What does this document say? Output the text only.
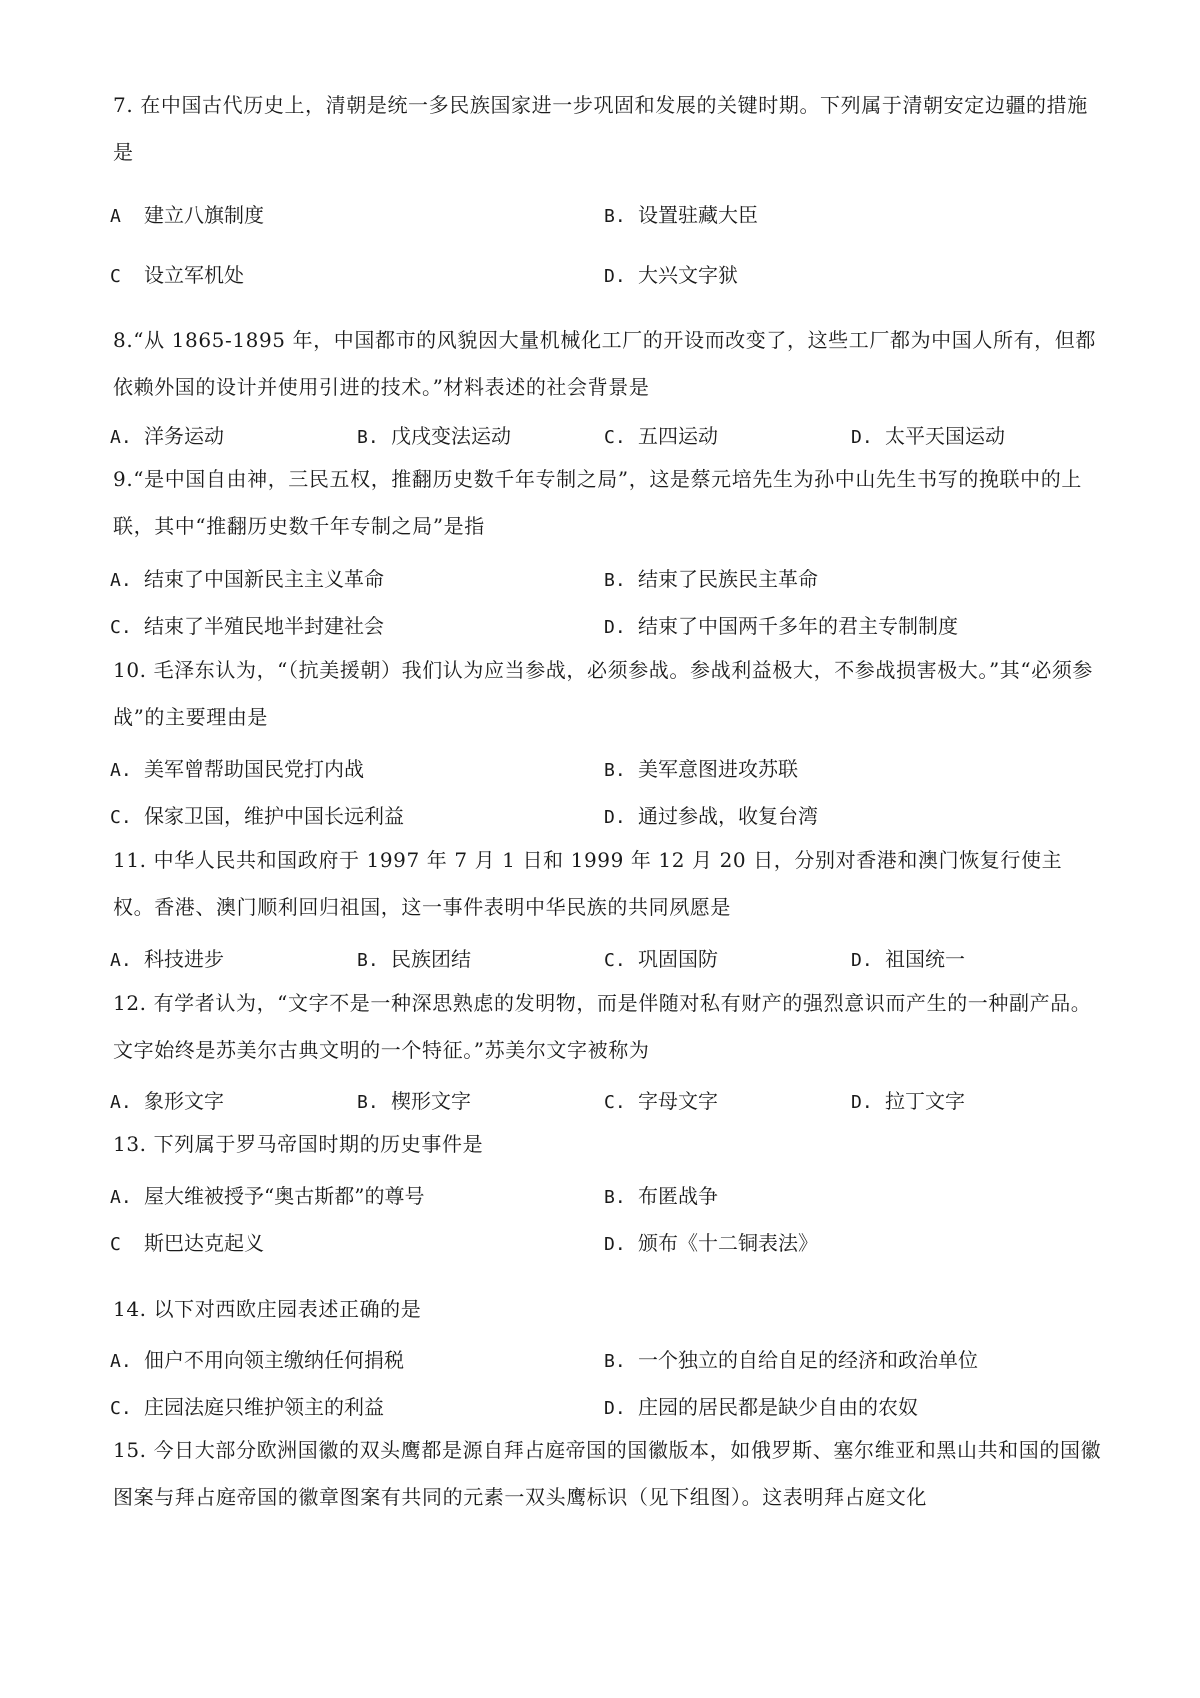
7. 在中国古代历史上，清朝是统一多民族国家进一步巩固和发展的关键时期。下列属于清朝安定边疆的措施是
A 建立八旗制度	B. 设置驻藏大臣
C 设立军机处	D. 大兴文字狱
8.“从 1865-1895 年，中国都市的风貌因大量机械化工厂的开设而改变了，这些工厂都为中国人所有，但都依赖外国的设计并使用引进的技术。”材料表述的社会背景是
A. 洋务运动	B. 戊戌变法运动	C. 五四运动	D. 太平天国运动
9.“是中国自由神，三民五权，推翻历史数千年专制之局”，这是蔡元培先生为孙中山先生书写的挽联中的上联，其中“推翻历史数千年专制之局”是指
A. 结束了中国新民主主义革命	B. 结束了民族民主革命
C. 结束了半殖民地半封建社会	D. 结束了中国两千多年的君主专制制度
10. 毛泽东认为，“（抗美援朝）我们认为应当参战，必须参战。参战利益极大，不参战损害极大。”其“必须参战”的主要理由是
A. 美军曾帮助国民党打内战	B. 美军意图进攻苏联
C. 保家卫国，维护中国长远利益	D. 通过参战，收复台湾
11. 中华人民共和国政府于 1997 年 7 月 1 日和 1999 年 12 月 20 日，分别对香港和澳门恢复行使主权。香港、澳门顺利回归祖国，这一事件表明中华民族的共同夙愿是
A. 科技进步	B. 民族团结	C. 巩固国防	D. 祖国统一
12. 有学者认为，“文字不是一种深思熟虑的发明物，而是伴随对私有财产的强烈意识而产生的一种副产品。文字始终是苏美尔古典文明的一个特征。”苏美尔文字被称为
A. 象形文字	B. 楔形文字	C. 字母文字	D. 拉丁文字
13. 下列属于罗马帝国时期的历史事件是
A. 屋大维被授予“奥古斯都”的尊号	B. 布匿战争
C 斯巴达克起义	D. 颁布《十二铜表法》
14. 以下对西欧庄园表述正确的是
A. 佃户不用向领主缴纳任何捐税	B. 一个独立的自给自足的经济和政治单位
C. 庄园法庭只维护领主的利益	D. 庄园的居民都是缺少自由的农奴
15. 今日大部分欧洲国徽的双头鹰都是源自拜占庭帝国的国徽版本，如俄罗斯、塞尔维亚和黑山共和国的国徽图案与拜占庭帝国的徽章图案有共同的元素一双头鹰标识（见下组图）。这表明拜占庭文化
